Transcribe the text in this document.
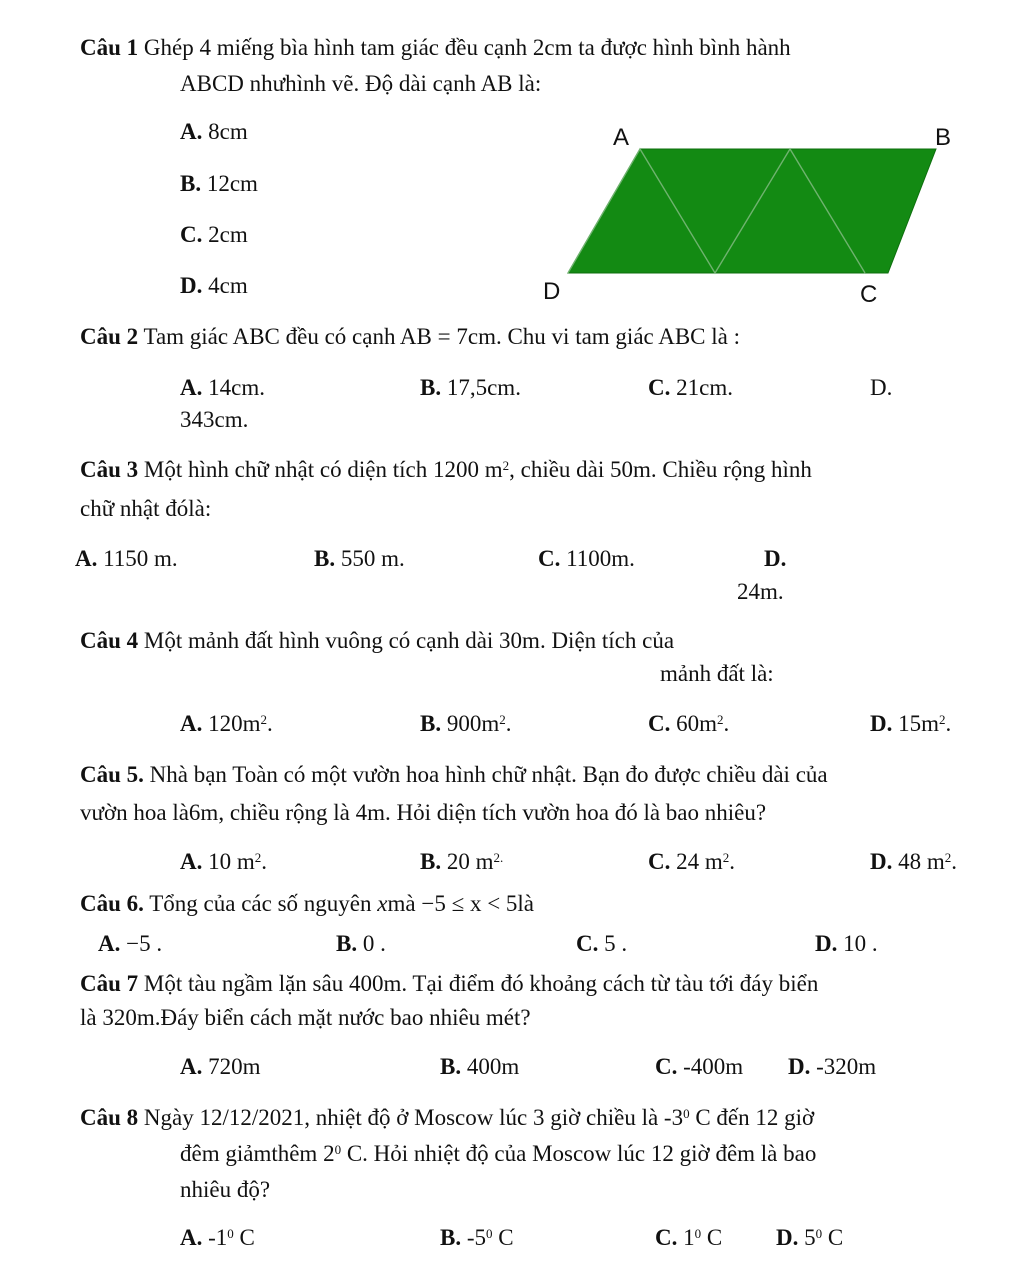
Câu 1 Ghép 4 miếng bìa hình tam giác đều cạnh 2cm ta được hình bình hành
ABCD nhưhình vẽ. Độ dài cạnh AB là:
A. 8cm
B. 12cm
C. 2cm
D. 4cm
A	B
D	C
Câu 2 Tam giác ABC đều có cạnh AB = 7cm. Chu vi tam giác ABC là :
A. 14cm.	B. 17,5cm.	C. 21cm.	D.
343cm.
Câu 3 Một hình chữ nhật có diện tích 1200 $m^2$, chiều dài 50m. Chiều rộng hình
chữ nhật đólà:
A. 1150 m.	B. 550 m.	C. 1100m.	D.
24m.
Câu 4 Một mảnh đất hình vuông có cạnh dài 30m. Diện tích của
mảnh đất là:
A. $120m^2$.	B. $900m^2$.	C. $60m^2$.	D. $15m^2$.
Câu 5. Nhà bạn Toàn có một vườn hoa hình chữ nhật. Bạn đo được chiều dài của
vườn hoa là6m, chiều rộng là 4m. Hỏi diện tích vườn hoa đó là bao nhiêu?
A. 10 $m^2$.	B. 20 $m^{2.}$	C. 24 $m^2$.	D. 48 $m^2$.
Câu 6. Tổng của các số nguyên xmà −5 ≤ x < 5là
A. −5 .	B. 0 .	C. 5 .	D. 10 .
Câu 7 Một tàu ngầm lặn sâu 400m. Tại điểm đó khoảng cách từ tàu tới đáy biển
là 320m.Đáy biển cách mặt nước bao nhiêu mét?
A. 720m	B. 400m	C. -400m D. -320m
Câu 8 Ngày 12/12/2021, nhiệt độ ở Moscow lúc 3 giờ chiều là $-3^0$ C đến 12 giờ
đêm giảmthêm $2^0$ C. Hỏi nhiệt độ của Moscow lúc 12 giờ đêm là bao
nhiêu độ?
A. $-1^0$ C	B. $-5^0$ C	C. $1^0$ C D. $5^0$ C
